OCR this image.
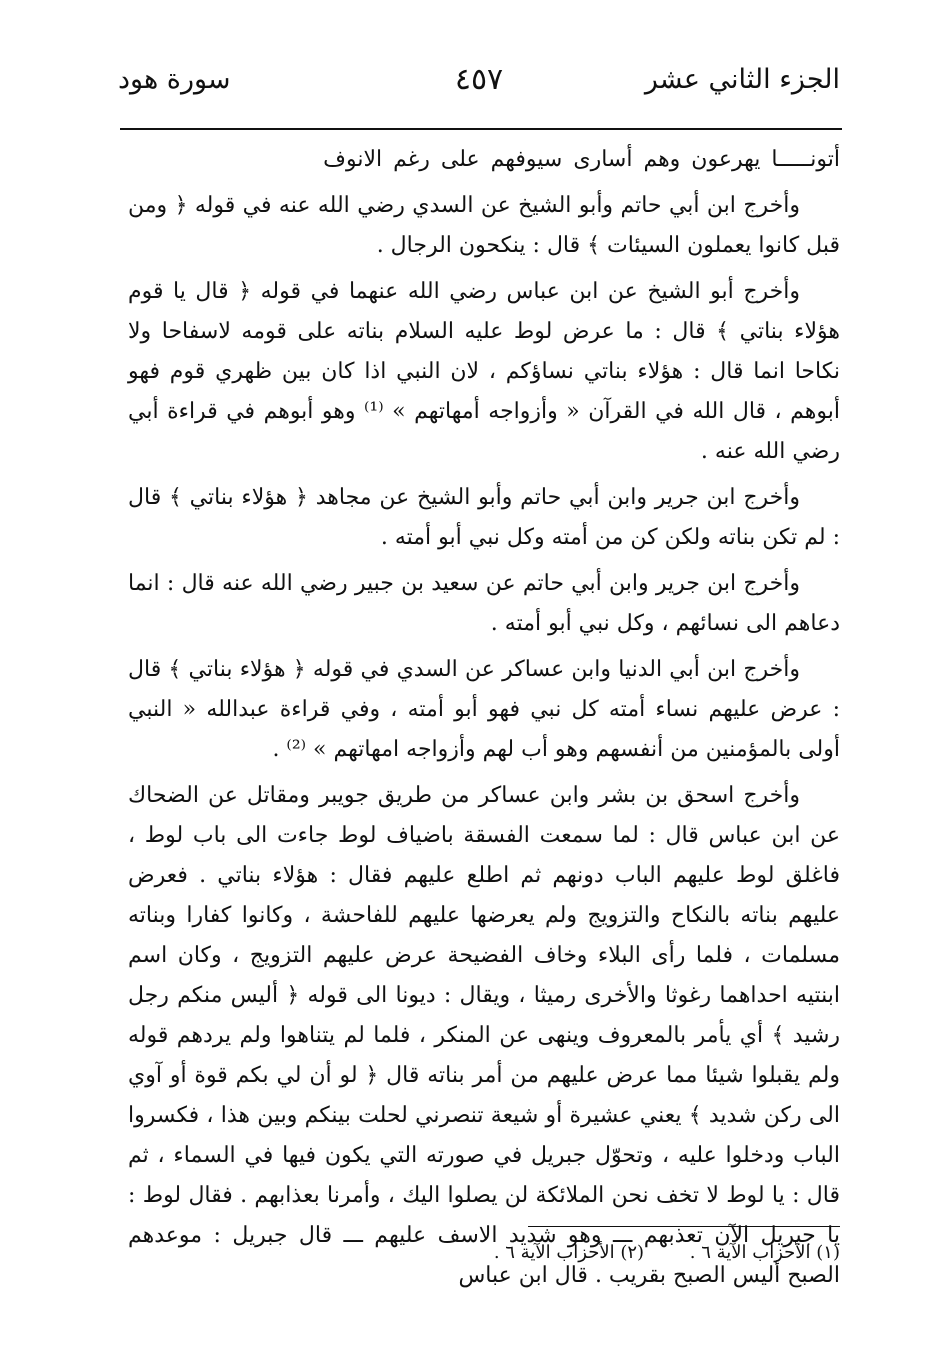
سورة هود	٤٥٧	الجزء الثاني عشر

أتونـــــا يهرعون وهم أسارى سيوفهم على رغم الانوف

وأخرج ابن أبي حاتم وأبو الشيخ عن السدي رضي الله عنه في قوله ﴿ ومن قبل كانوا يعملون السيئات ﴾ قال : ينكحون الرجال .

وأخرج أبو الشيخ عن ابن عباس رضي الله عنهما في قوله ﴿ قال يا قوم هؤلاء بناتي ﴾ قال : ما عرض لوط عليه السلام بناته على قومه لاسفاحا ولا نكاحا انما قال : هؤلاء بناتي نساؤكم ، لان النبي اذا كان بين ظهري قوم فهو أبوهم ، قال الله في القرآن « وأزواجه أمهاتهم » ⁽¹⁾ وهو أبوهم في قراءة أبي رضي الله عنه .

وأخرج ابن جرير وابن أبي حاتم وأبو الشيخ عن مجاهد ﴿ هؤلاء بناتي ﴾ قال : لم تكن بناته ولكن كن من أمته وكل نبي أبو أمته .

وأخرج ابن جرير وابن أبي حاتم عن سعيد بن جبير رضي الله عنه قال : انما دعاهم الى نسائهم ، وكل نبي أبو أمته .

وأخرج ابن أبي الدنيا وابن عساكر عن السدي في قوله ﴿ هؤلاء بناتي ﴾ قال : عرض عليهم نساء أمته كل نبي فهو أبو أمته ، وفي قراءة عبدالله « النبي أولى بالمؤمنين من أنفسهم وهو أب لهم وأزواجه امهاتهم » ⁽²⁾ .

وأخرج اسحق بن بشر وابن عساكر من طريق جويبر ومقاتل عن الضحاك عن ابن عباس قال : لما سمعت الفسقة باضياف لوط جاءت الى باب لوط ، فاغلق لوط عليهم الباب دونهم ثم اطلع عليهم فقال : هؤلاء بناتي . فعرض عليهم بناته بالنكاح والتزويج ولم يعرضها عليهم للفاحشة ، وكانوا كفارا وبناته مسلمات ، فلما رأى البلاء وخاف الفضيحة عرض عليهم التزويج ، وكان اسم ابنتيه احداهما رغوثا والأخرى رميثا ، ويقال : ديونا الى قوله ﴿ أليس منكم رجل رشيد ﴾ أي يأمر بالمعروف وينهى عن المنكر ، فلما لم يتناهوا ولم يردهم قوله ولم يقبلوا شيئا مما عرض عليهم من أمر بناته قال ﴿ لو أن لي بكم قوة أو آوي الى ركن شديد ﴾ يعني عشيرة أو شيعة تنصرني لحلت بينكم وبين هذا ، فكسروا الباب ودخلوا عليه ، وتحوّل جبريل في صورته التي يكون فيها في السماء ، ثم قال : يا لوط لا تخف نحن الملائكة لن يصلوا اليك ، وأمرنا بعذابهم . فقال لوط : يا جبريل الآن تعذبهم ـــ وهو شديد الاسف عليهم ـــ قال جبريل : موعدهم الصبح أليس الصبح بقريب . قال ابن عباس

(١) الأحزاب الآية ٦ . (٢) الأحزاب الآية ٦ .
